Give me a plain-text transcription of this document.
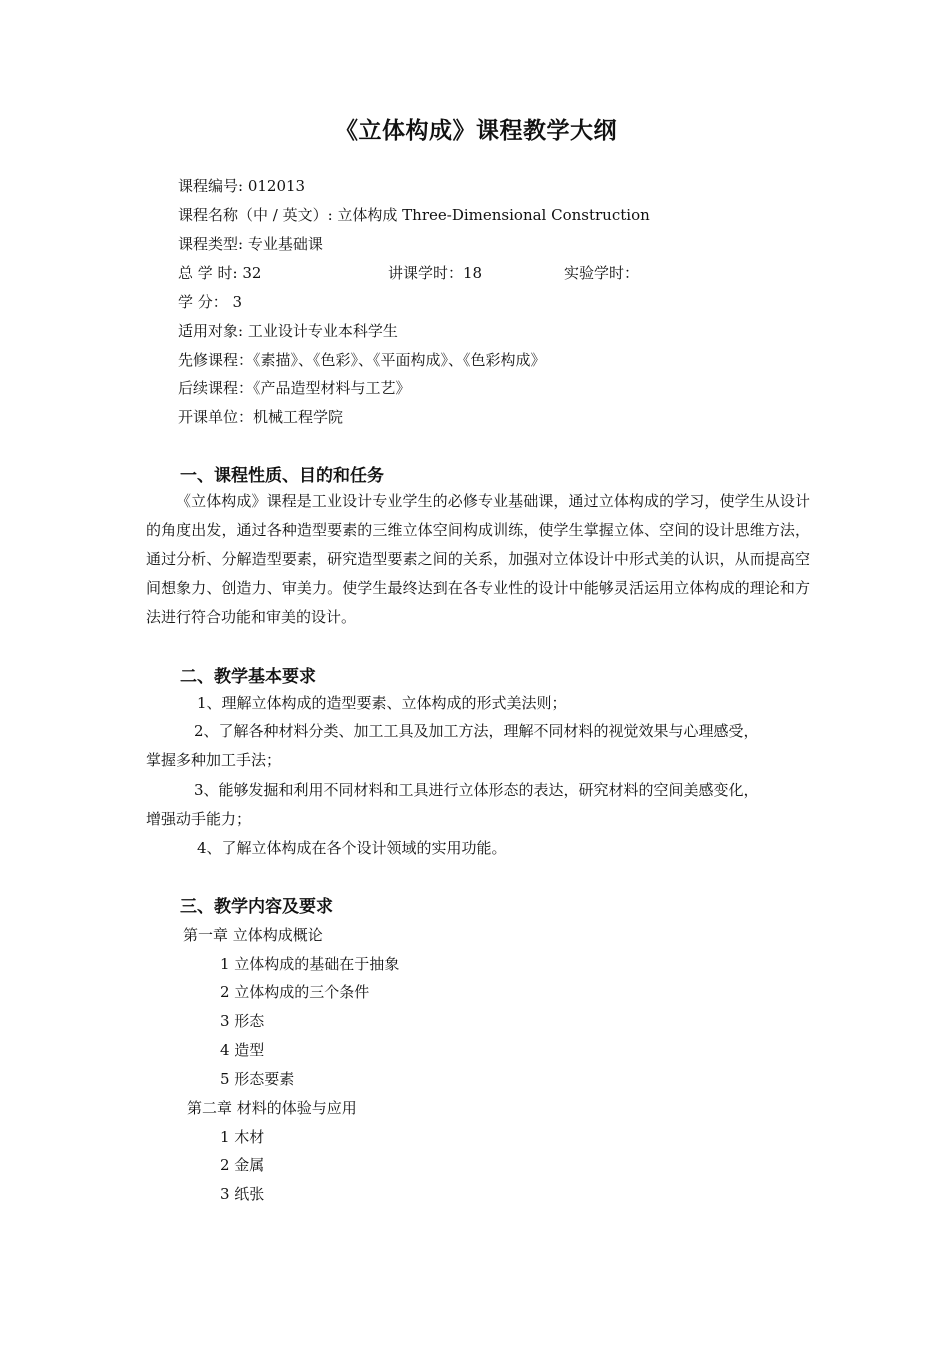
《立体构成》课程教学大纲
课程编号: 012013
课程名称（中 / 英文）: 立体构成 Three-Dimensional Construction
课程类型: 专业基础课
总 学 时: 32	讲课学时：18	实验学时：
学 分： 3
适用对象: 工业设计专业本科学生
先修课程：《素描》、《色彩》、《平面构成》、《色彩构成》
后续课程：《产品造型材料与工艺》
开课单位：机械工程学院
一、课程性质、目的和任务

《立体构成》课程是工业设计专业学生的必修专业基础课，通过立体构成的学习，使学生从设计的角度出发，通过各种造型要素的三维立体空间构成训练，使学生掌握立体、空间的设计思维方法，通过分析、分解造型要素，研究造型要素之间的关系，加强对立体设计中形式美的认识，从而提高空间想象力、创造力、审美力。使学生最终达到在各专业性的设计中能够灵活运用立体构成的理论和方法进行符合功能和审美的设计。

二、教学基本要求
1、理解立体构成的造型要素、立体构成的形式美法则；
2、了解各种材料分类、加工工具及加工方法，理解不同材料的视觉效果与心理感受，
掌握多种加工手法；
3、能够发掘和利用不同材料和工具进行立体形态的表达，研究材料的空间美感变化，
增强动手能力；
4、了解立体构成在各个设计领域的实用功能。
三、教学内容及要求
第一章 立体构成概论
1 立体构成的基础在于抽象
2 立体构成的三个条件
3 形态
4 造型
5 形态要素
第二章 材料的体验与应用
1 木材
2 金属
3 纸张
